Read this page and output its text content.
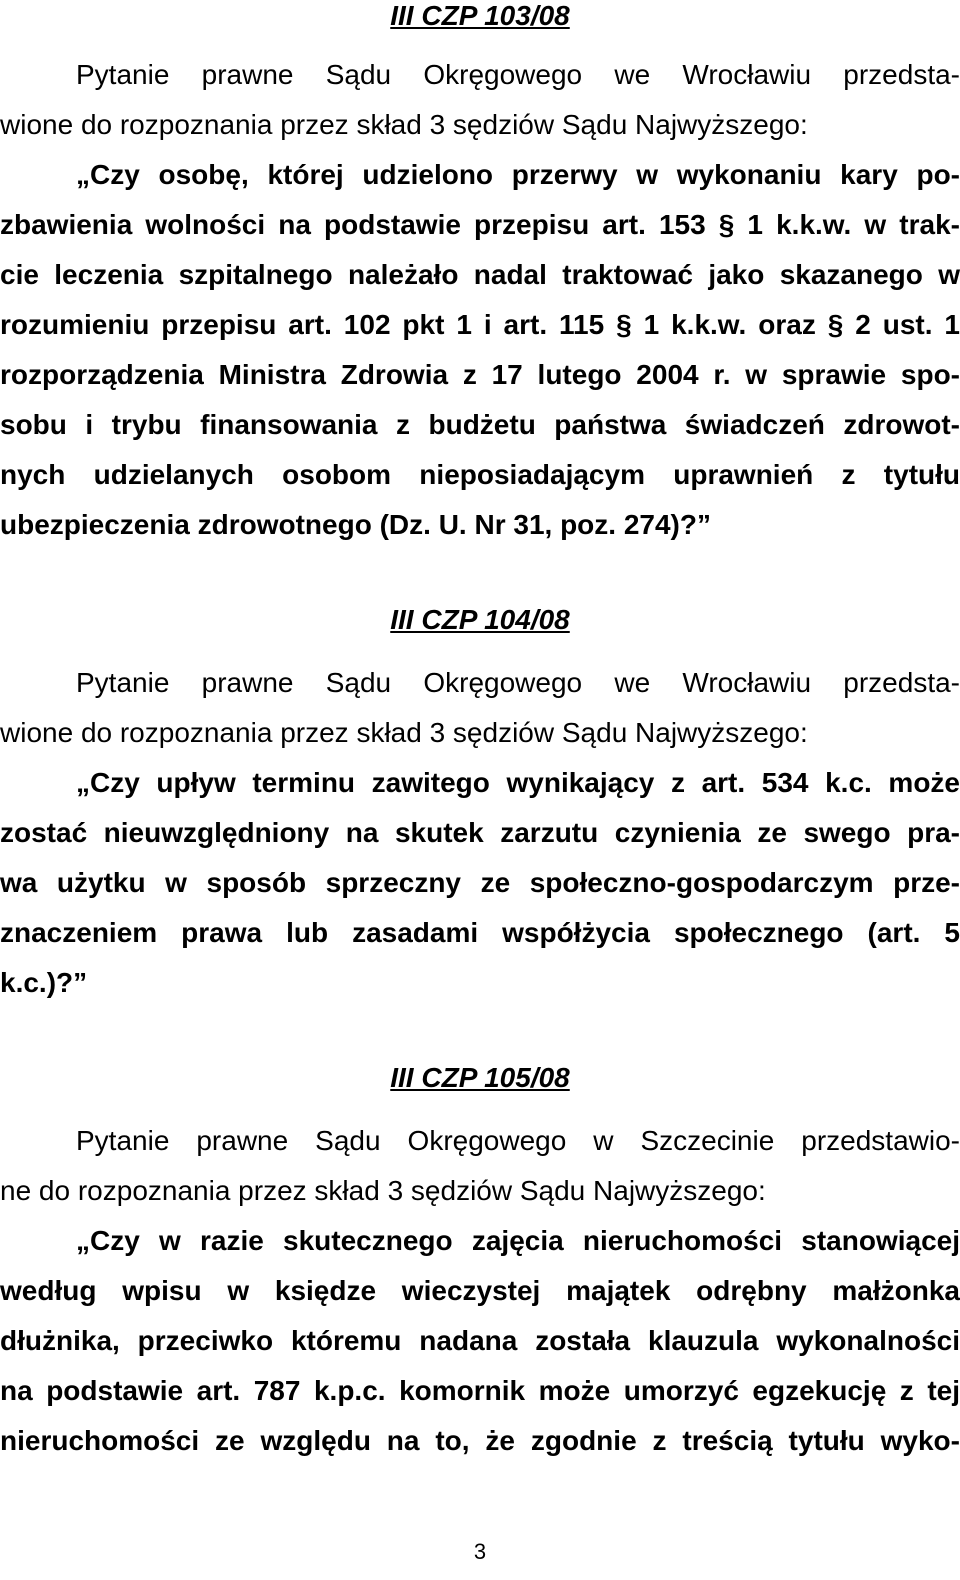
III CZP 103/08

Pytanie prawne Sądu Okręgowego we Wrocławiu przedsta-

wione do rozpoznania przez skład 3 sędziów Sądu Najwyższego:

„Czy osobę, której udzielono przerwy w wykonaniu kary po-

zbawienia wolności na podstawie przepisu art. 153 § 1 k.k.w. w trak-

cie leczenia szpitalnego należało nadal traktować jako skazanego w

rozumieniu przepisu art. 102 pkt 1 i art. 115 § 1 k.k.w. oraz § 2 ust. 1

rozporządzenia Ministra Zdrowia z 17 lutego 2004 r. w sprawie spo-

sobu i trybu finansowania z budżetu państwa świadczeń zdrowot-

nych udzielanych osobom nieposiadającym uprawnień z tytułu

ubezpieczenia zdrowotnego (Dz. U. Nr 31, poz. 274)?”

III CZP 104/08

Pytanie prawne Sądu Okręgowego we Wrocławiu przedsta-

wione do rozpoznania przez skład 3 sędziów Sądu Najwyższego:

„Czy upływ terminu zawitego wynikający z art. 534 k.c. może

zostać nieuwzględniony na skutek zarzutu czynienia ze swego pra-

wa użytku w sposób sprzeczny ze społeczno-gospodarczym prze-

znaczeniem prawa lub zasadami współżycia społecznego (art. 5

k.c.)?”

III CZP 105/08

Pytanie prawne Sądu Okręgowego w Szczecinie przedstawio-

ne do rozpoznania przez skład 3 sędziów Sądu Najwyższego:

„Czy w razie skutecznego zajęcia nieruchomości stanowiącej

według wpisu w księdze wieczystej majątek odrębny małżonka

dłużnika, przeciwko któremu nadana została klauzula wykonalności

na podstawie art. 787 k.p.c. komornik może umorzyć egzekucję z tej

nieruchomości ze względu na to, że zgodnie z treścią tytułu wyko-

3
